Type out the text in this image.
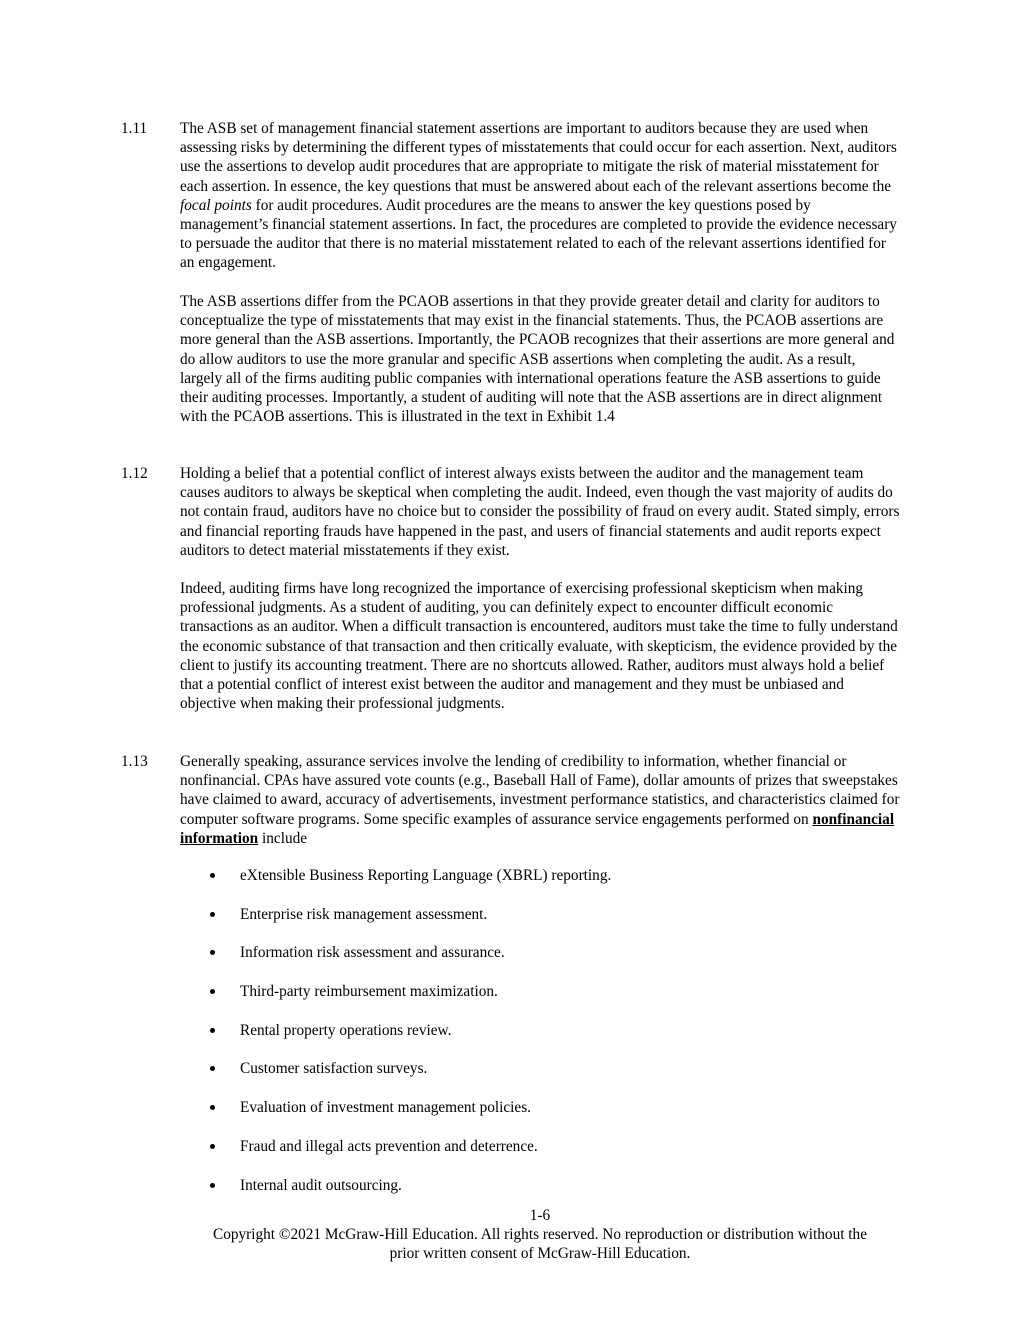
1.11	The ASB set of management financial statement assertions are important to auditors because they are used when assessing risks by determining the different types of misstatements that could occur for each assertion. Next, auditors use the assertions to develop audit procedures that are appropriate to mitigate the risk of material misstatement for each assertion. In essence, the key questions that must be answered about each of the relevant assertions become the focal points for audit procedures. Audit procedures are the means to answer the key questions posed by management’s financial statement assertions. In fact, the procedures are completed to provide the evidence necessary to persuade the auditor that there is no material misstatement related to each of the relevant assertions identified for an engagement.

The ASB assertions differ from the PCAOB assertions in that they provide greater detail and clarity for auditors to conceptualize the type of misstatements that may exist in the financial statements. Thus, the PCAOB assertions are more general than the ASB assertions. Importantly, the PCAOB recognizes that their assertions are more general and do allow auditors to use the more granular and specific ASB assertions when completing the audit. As a result, largely all of the firms auditing public companies with international operations feature the ASB assertions to guide their auditing processes. Importantly, a student of auditing will note that the ASB assertions are in direct alignment with the PCAOB assertions. This is illustrated in the text in Exhibit 1.4

1.12	Holding a belief that a potential conflict of interest always exists between the auditor and the management team causes auditors to always be skeptical when completing the audit. Indeed, even though the vast majority of audits do not contain fraud, auditors have no choice but to consider the possibility of fraud on every audit. Stated simply, errors and financial reporting frauds have happened in the past, and users of financial statements and audit reports expect auditors to detect material misstatements if they exist.

Indeed, auditing firms have long recognized the importance of exercising professional skepticism when making professional judgments. As a student of auditing, you can definitely expect to encounter difficult economic transactions as an auditor. When a difficult transaction is encountered, auditors must take the time to fully understand the economic substance of that transaction and then critically evaluate, with skepticism, the evidence provided by the client to justify its accounting treatment. There are no shortcuts allowed. Rather, auditors must always hold a belief that a potential conflict of interest exist between the auditor and management and they must be unbiased and objective when making their professional judgments.

1.13	Generally speaking, assurance services involve the lending of credibility to information, whether financial or nonfinancial. CPAs have assured vote counts (e.g., Baseball Hall of Fame), dollar amounts of prizes that sweepstakes have claimed to award, accuracy of advertisements, investment performance statistics, and characteristics claimed for computer software programs. Some specific examples of assurance service engagements performed on nonfinancial information include

eXtensible Business Reporting Language (XBRL) reporting.
Enterprise risk management assessment.
Information risk assessment and assurance.
Third-party reimbursement maximization.
Rental property operations review.
Customer satisfaction surveys.
Evaluation of investment management policies.
Fraud and illegal acts prevention and deterrence.
Internal audit outsourcing.
1-6
Copyright ©2021 McGraw-Hill Education. All rights reserved. No reproduction or distribution without the
prior written consent of McGraw-Hill Education.
